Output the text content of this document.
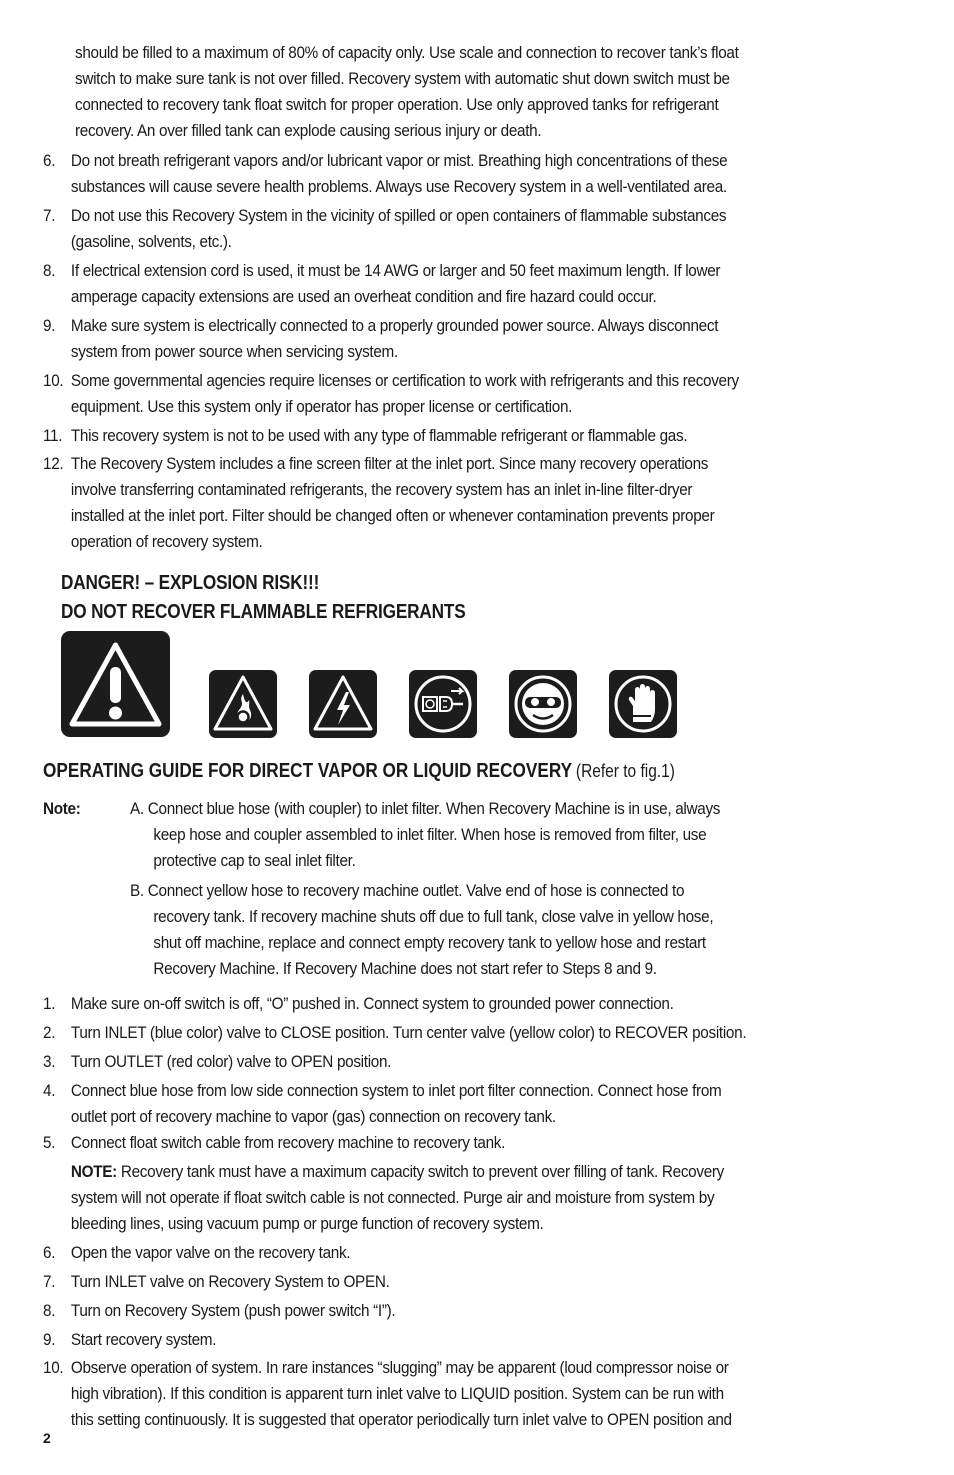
should be filled to a maximum of 80% of capacity only. Use scale and connection to recover tank’s float
switch to make sure tank is not over filled. Recovery system with automatic shut down switch must be
connected to recovery tank float switch for proper operation. Use only approved tanks for refrigerant
recovery. An over filled tank can explode causing serious injury or death.
6. Do not breath refrigerant vapors and/or lubricant vapor or mist. Breathing high concentrations of these
substances will cause severe health problems. Always use Recovery system in a well-ventilated area.
7. Do not use this Recovery System in the vicinity of spilled or open containers of flammable substances
(gasoline, solvents, etc.).
8. If electrical extension cord is used, it must be 14 AWG or larger and 50 feet maximum length. If lower
amperage capacity extensions are used an overheat condition and fire hazard could occur.
9. Make sure system is electrically connected to a properly grounded power source. Always disconnect
system from power source when servicing system.
10. Some governmental agencies require licenses or certification to work with refrigerants and this recovery
equipment. Use this system only if operator has proper license or certification.
11. This recovery system is not to be used with any type of flammable refrigerant or flammable gas.
12. The Recovery System includes a fine screen filter at the inlet port. Since many recovery operations
involve transferring contaminated refrigerants, the recovery system has an inlet in-line filter-dryer
installed at the inlet port. Filter should be changed often or whenever contamination prevents proper
operation of recovery system.
DANGER! – EXPLOSION RISK!!!
DO NOT RECOVER FLAMMABLE REFRIGERANTS
OPERATING GUIDE FOR DIRECT VAPOR OR LIQUID RECOVERY (Refer to fig.1)
Note:	A. Connect blue hose (with coupler) to inlet filter. When Recovery Machine is in use, always
keep hose and coupler assembled to inlet filter. When hose is removed from filter, use
protective cap to seal inlet filter.
B. Connect yellow hose to recovery machine outlet. Valve end of hose is connected to
recovery tank. If recovery machine shuts off due to full tank, close valve in yellow hose,
shut off machine, replace and connect empty recovery tank to yellow hose and restart
Recovery Machine. If Recovery Machine does not start refer to Steps 8 and 9.
1. Make sure on-off switch is off, “O” pushed in. Connect system to grounded power connection.
2. Turn INLET (blue color) valve to CLOSE position. Turn center valve (yellow color) to RECOVER position.
3. Turn OUTLET (red color) valve to OPEN position.
4. Connect blue hose from low side connection system to inlet port filter connection. Connect hose from
outlet port of recovery machine to vapor (gas) connection on recovery tank.
5. Connect float switch cable from recovery machine to recovery tank.
NOTE: Recovery tank must have a maximum capacity switch to prevent over filling of tank. Recovery
system will not operate if float switch cable is not connected. Purge air and moisture from system by
bleeding lines, using vacuum pump or purge function of recovery system.
6. Open the vapor valve on the recovery tank.
7. Turn INLET valve on Recovery System to OPEN.
8. Turn on Recovery System (push power switch “I”).
9. Start recovery system.
10. Observe operation of system. In rare instances “slugging” may be apparent (loud compressor noise or
high vibration). If this condition is apparent turn inlet valve to LIQUID position. System can be run with
this setting continuously. It is suggested that operator periodically turn inlet valve to OPEN position and
2
